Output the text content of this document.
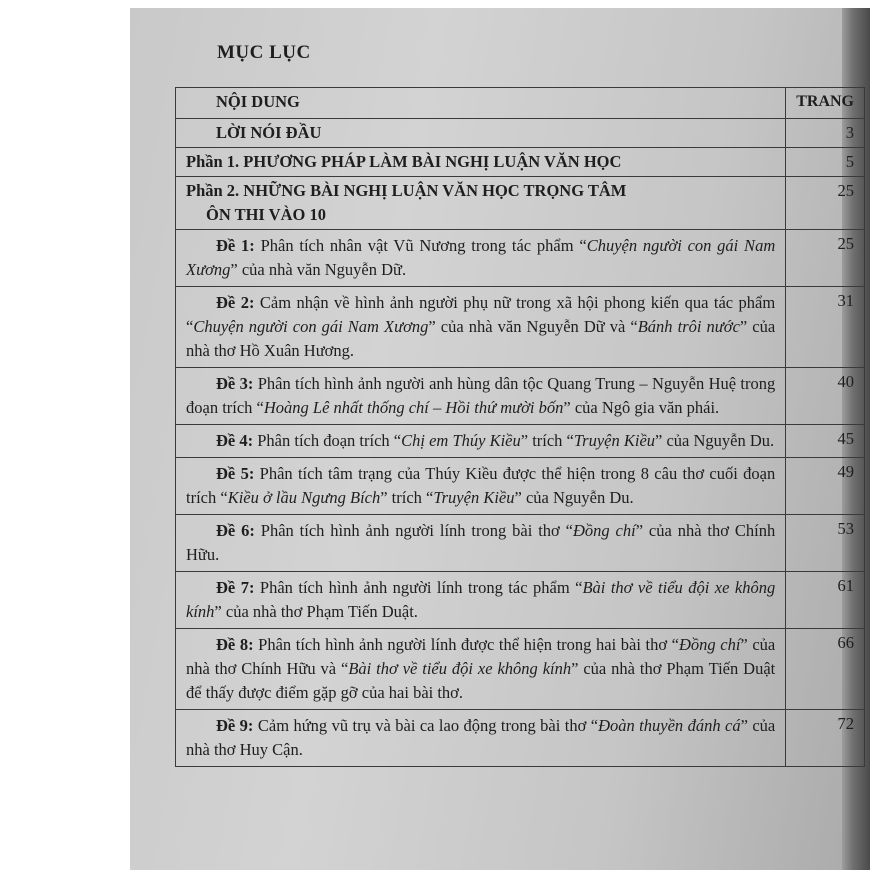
MỤC LỤC
NỘI DUNG	TRANG
LỜI NÓI ĐẦU	3
Phần 1. PHƯƠNG PHÁP LÀM BÀI NGHỊ LUẬN VĂN HỌC	5
Phần 2. NHỮNG BÀI NGHỊ LUẬN VĂN HỌC TRỌNG TÂM
ÔN THI VÀO 10	25
Đề 1: Phân tích nhân vật Vũ Nương trong tác phẩm “Chuyện người con gái Nam Xương” của nhà văn Nguyễn Dữ.	25
Đề 2: Cảm nhận về hình ảnh người phụ nữ trong xã hội phong kiến qua tác phẩm “Chuyện người con gái Nam Xương” của nhà văn Nguyễn Dữ và “Bánh trôi nước” của nhà thơ Hồ Xuân Hương.	31
Đề 3: Phân tích hình ảnh người anh hùng dân tộc Quang Trung – Nguyễn Huệ trong đoạn trích “Hoàng Lê nhất thống chí – Hồi thứ mười bốn” của Ngô gia văn phái.	40
Đề 4: Phân tích đoạn trích “Chị em Thúy Kiều” trích “Truyện Kiều” của Nguyễn Du.	45
Đề 5: Phân tích tâm trạng của Thúy Kiều được thể hiện trong 8 câu thơ cuối đoạn trích “Kiều ở lầu Ngưng Bích” trích “Truyện Kiều” của Nguyễn Du.	49
Đề 6: Phân tích hình ảnh người lính trong bài thơ “Đồng chí” của nhà thơ Chính Hữu.	53
Đề 7: Phân tích hình ảnh người lính trong tác phẩm “Bài thơ về tiểu đội xe không kính” của nhà thơ Phạm Tiến Duật.	61
Đề 8: Phân tích hình ảnh người lính được thể hiện trong hai bài thơ “Đồng chí” của nhà thơ Chính Hữu và “Bài thơ về tiểu đội xe không kính” của nhà thơ Phạm Tiến Duật để thấy được điểm gặp gỡ của hai bài thơ.	66
Đề 9: Cảm hứng vũ trụ và bài ca lao động trong bài thơ “Đoàn thuyền đánh cá” của nhà thơ Huy Cận.	72
